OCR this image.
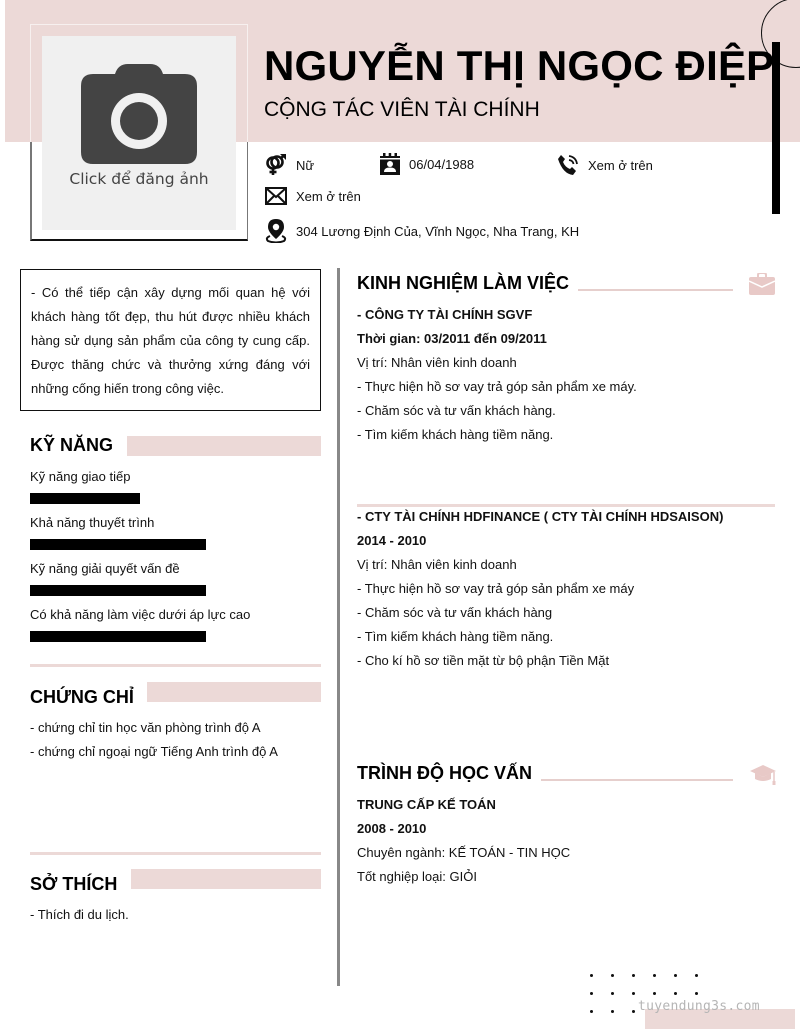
Click để đăng ảnh
NGUYỄN THỊ NGỌC ĐIỆP
CỘNG TÁC VIÊN TÀI CHÍNH
Nữ	06/04/1988	Xem ở trên
Xem ở trên
304 Lương Định Của, Vĩnh Ngọc, Nha Trang, KH
- Có thể tiếp cận xây dựng mối quan hệ với khách hàng tốt đẹp, thu hút được nhiều khách hàng sử dụng sản phẩm của công ty cung cấp. Được thăng chức và thưởng xứng đáng với những cống hiến trong công việc.
KỸ NĂNG
Kỹ năng giao tiếp
Khả năng thuyết trình
Kỹ năng giải quyết vấn đề
Có khả năng làm việc dưới áp lực cao
CHỨNG CHỈ
- chứng chỉ tin học văn phòng trình độ A
- chứng chỉ ngoại ngữ Tiếng Anh trình độ A
SỞ THÍCH
- Thích đi du lịch.
KINH NGHIỆM LÀM VIỆC
- CÔNG TY TÀI CHÍNH SGVF
Thời gian: 03/2011 đến 09/2011
Vị trí: Nhân viên kinh doanh
- Thực hiện hồ sơ vay trả góp sản phẩm xe máy.
- Chăm sóc và tư vấn khách hàng.
- Tìm kiếm khách hàng tiềm năng.
- CTY TÀI CHÍNH HDFINANCE ( CTY TÀI CHÍNH HDSAISON)
2014 - 2010
Vị trí: Nhân viên kinh doanh
- Thực hiện hồ sơ vay trả góp sản phẩm xe máy
- Chăm sóc và tư vấn khách hàng
- Tìm kiếm khách hàng tiềm năng.
- Cho kí hồ sơ tiền mặt từ bộ phận Tiền Mặt
TRÌNH ĐỘ HỌC VẤN
TRUNG CẤP KẾ TOÁN
2008 - 2010
Chuyên ngành: KẾ TOÁN - TIN HỌC
Tốt nghiệp loại: GIỎI
tuyendung3s.com
